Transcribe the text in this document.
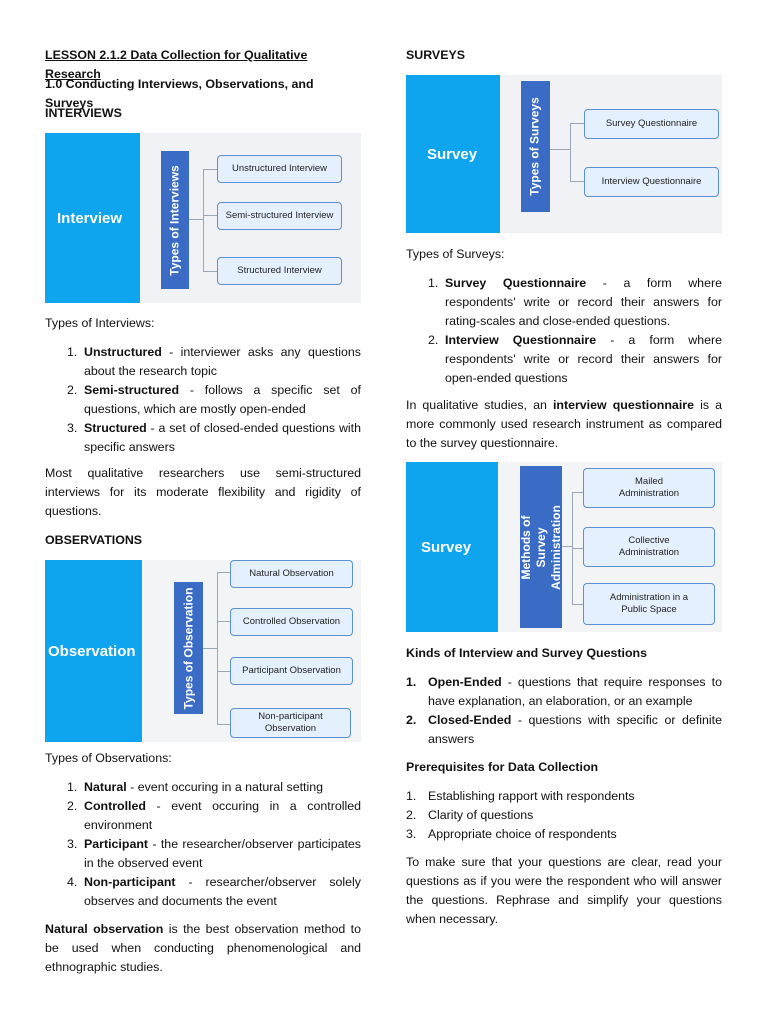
LESSON 2.1.2 Data Collection for Qualitative Research

1.0 Conducting Interviews, Observations, and Surveys

INTERVIEWS

Interview	Types of Interviews	Unstructured Interview
Semi-structured Interview
Structured Interview

Types of Interviews:

1. Unstructured - interviewer asks any questions about the research topic
2. Semi-structured - follows a specific set of questions, which are mostly open-ended
3. Structured - a set of closed-ended questions with specific answers

Most qualitative researchers use semi-structured interviews for its moderate flexibility and rigidity of questions.

OBSERVATIONS

Observation	Types of Observation
Natural Observation
Controlled Observation
Participant Observation
Non-participant Observation

Types of Observations:

1. Natural - event occuring in a natural setting
2. Controlled - event occuring in a controlled environment
3. Participant - the researcher/observer participates in the observed event
4. Non-participant - researcher/observer solely observes and documents the event

Natural observation is the best observation method to be used when conducting phenomenological and ethnographic studies.

SURVEYS

Survey	Types of Surveys	Survey Questionnaire
Interview Questionnaire

Types of Surveys:

1. Survey Questionnaire - a form where respondents' write or record their answers for rating-scales and close-ended questions.
2. Interview Questionnaire - a form where respondents' write or record their answers for open-ended questions

In qualitative studies, an interview questionnaire is a more commonly used research instrument as compared to the survey questionnaire.

Survey	Methods of Survey Administration
Mailed Administration
Collective Administration
Administration in a Public Space

Kinds of Interview and Survey Questions

1. Open-Ended - questions that require responses to have explanation, an elaboration, or an example
2. Closed-Ended - questions with specific or definite answers

Prerequisites for Data Collection

1. Establishing rapport with respondents
2. Clarity of questions
3. Appropriate choice of respondents

To make sure that your questions are clear, read your questions as if you were the respondent who will answer the questions. Rephrase and simplify your questions when necessary.
